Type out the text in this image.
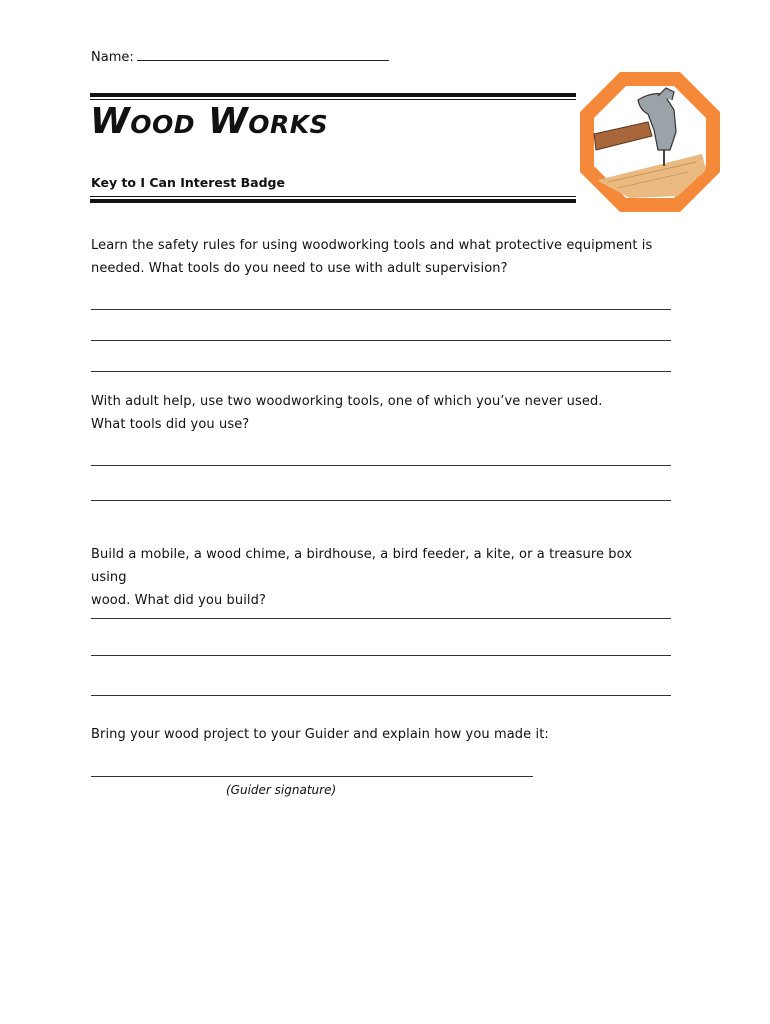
Name:
Wood Works
Key to I Can Interest Badge
Learn the safety rules for using woodworking tools and what protective equipment is
needed. What tools do you need to use with adult supervision?
With adult help, use two woodworking tools, one of which you’ve never used.
What tools did you use?
Build a mobile, a wood chime, a birdhouse, a bird feeder, a kite, or a treasure box using
wood. What did you build?
Bring your wood project to your Guider and explain how you made it:
(Guider signature)
